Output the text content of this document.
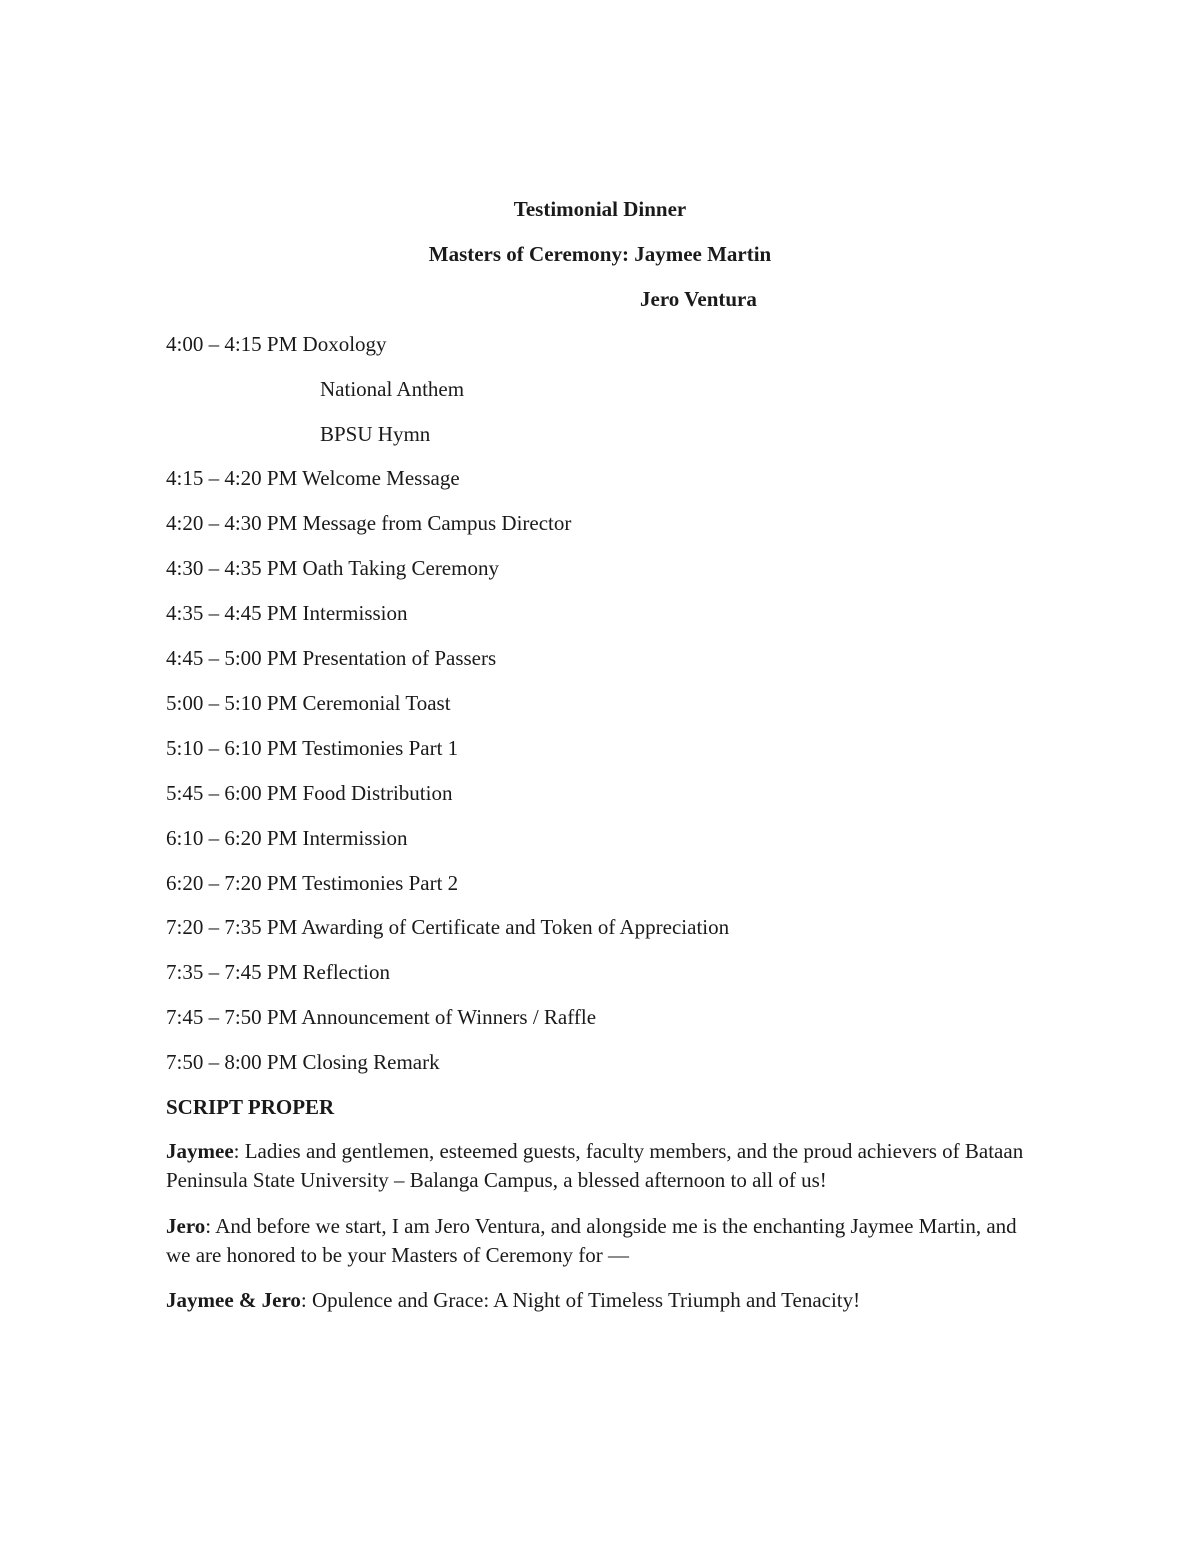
Testimonial Dinner
Masters of Ceremony: Jaymee Martin
Jero Ventura
4:00 – 4:15 PM Doxology
National Anthem
BPSU Hymn
4:15 – 4:20 PM Welcome Message
4:20 – 4:30 PM Message from Campus Director
4:30 – 4:35 PM Oath Taking Ceremony
4:35 – 4:45 PM Intermission
4:45 – 5:00 PM Presentation of Passers
5:00 – 5:10 PM Ceremonial Toast
5:10 – 6:10 PM Testimonies Part 1
5:45 – 6:00 PM Food Distribution
6:10 – 6:20 PM Intermission
6:20 – 7:20 PM Testimonies Part 2
7:20 – 7:35 PM Awarding of Certificate and Token of Appreciation
7:35 – 7:45 PM Reflection
7:45 – 7:50 PM Announcement of Winners / Raffle
7:50 – 8:00 PM Closing Remark
SCRIPT PROPER
Jaymee: Ladies and gentlemen, esteemed guests, faculty members, and the proud achievers of Bataan Peninsula State University – Balanga Campus, a blessed afternoon to all of us!
Jero: And before we start, I am Jero Ventura, and alongside me is the enchanting Jaymee Martin, and we are honored to be your Masters of Ceremony for —
Jaymee & Jero: Opulence and Grace: A Night of Timeless Triumph and Tenacity!
